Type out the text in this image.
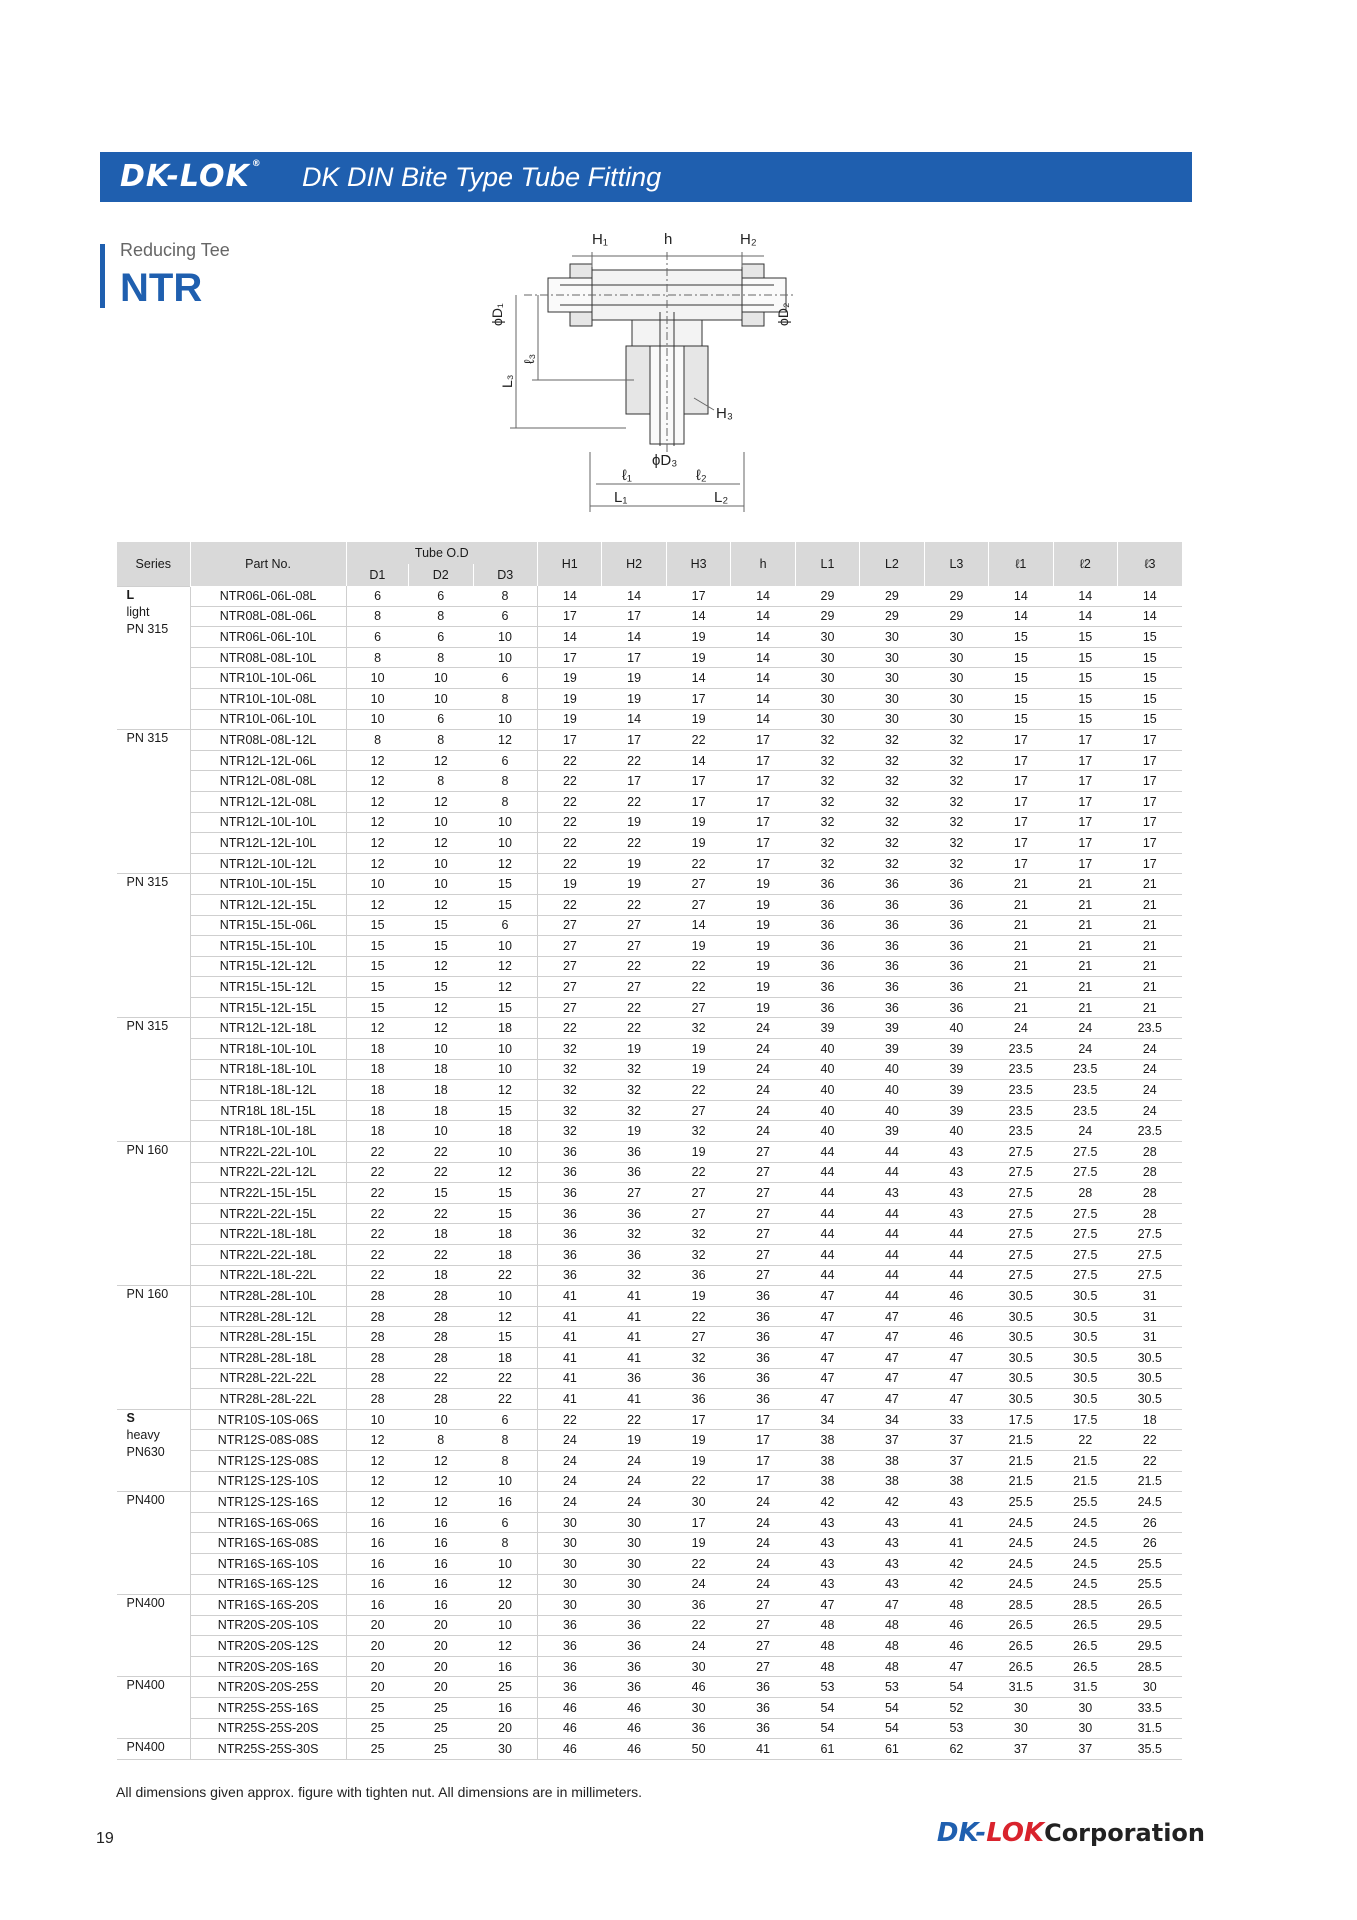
DK-LOK ® DK DIN Bite Type Tube Fitting
Reducing Tee
NTR
H₁	h	H₂
ϕD₁	ϕD₂
ℓ₃
L₃
H₃
ϕD₃
ℓ₁	ℓ₂
L₁	L₂
Series	Part No.	Tube O.D			H1	H2	H3	h	L1	L2	L3	ℓ1	ℓ2	ℓ3
		D1	D2	D3										

L
light
PN 315	NTR06L-06L-08L	6	6	8	14	14	17	14	29	29	29	14	14	14
	NTR08L-08L-06L	8	8	6	17	17	14	14	29	29	29	14	14	14
	NTR06L-06L-10L	6	6	10	14	14	19	14	30	30	30	15	15	15
	NTR08L-08L-10L	8	8	10	17	17	19	14	30	30	30	15	15	15
	NTR10L-10L-06L	10	10	6	19	19	14	14	30	30	30	15	15	15
	NTR10L-10L-08L	10	10	8	19	19	17	14	30	30	30	15	15	15
	NTR10L-06L-10L	10	6	10	19	14	19	14	30	30	30	15	15	15

PN 315	NTR08L-08L-12L	8	8	12	17	17	22	17	32	32	32	17	17	17
	NTR12L-12L-06L	12	12	6	22	22	14	17	32	32	32	17	17	17
	NTR12L-08L-08L	12	8	8	22	17	17	17	32	32	32	17	17	17
	NTR12L-12L-08L	12	12	8	22	22	17	17	32	32	32	17	17	17
	NTR12L-10L-10L	12	10	10	22	19	19	17	32	32	32	17	17	17
	NTR12L-12L-10L	12	12	10	22	22	19	17	32	32	32	17	17	17
	NTR12L-10L-12L	12	10	12	22	19	22	17	32	32	32	17	17	17

PN 315	NTR10L-10L-15L	10	10	15	19	19	27	19	36	36	36	21	21	21
	NTR12L-12L-15L	12	12	15	22	22	27	19	36	36	36	21	21	21
	NTR15L-15L-06L	15	15	6	27	27	14	19	36	36	36	21	21	21
	NTR15L-15L-10L	15	15	10	27	27	19	19	36	36	36	21	21	21
	NTR15L-12L-12L	15	12	12	27	22	22	19	36	36	36	21	21	21
	NTR15L-15L-12L	15	15	12	27	27	22	19	36	36	36	21	21	21
	NTR15L-12L-15L	15	12	15	27	22	27	19	36	36	36	21	21	21

PN 315	NTR12L-12L-18L	12	12	18	22	22	32	24	39	39	40	24	24	23.5
	NTR18L-10L-10L	18	10	10	32	19	19	24	40	39	39	23.5	24	24
	NTR18L-18L-10L	18	18	10	32	32	19	24	40	40	39	23.5	23.5	24
	NTR18L-18L-12L	18	18	12	32	32	22	24	40	40	39	23.5	23.5	24
	NTR18L 18L-15L	18	18	15	32	32	27	24	40	40	39	23.5	23.5	24
	NTR18L-10L-18L	18	10	18	32	19	32	24	40	39	40	23.5	24	23.5

PN 160	NTR22L-22L-10L	22	22	10	36	36	19	27	44	44	43	27.5	27.5	28
	NTR22L-22L-12L	22	22	12	36	36	22	27	44	44	43	27.5	27.5	28
	NTR22L-15L-15L	22	15	15	36	27	27	27	44	43	43	27.5	28	28
	NTR22L-22L-15L	22	22	15	36	36	27	27	44	44	43	27.5	27.5	28
	NTR22L-18L-18L	22	18	18	36	32	32	27	44	44	44	27.5	27.5	27.5
	NTR22L-22L-18L	22	22	18	36	36	32	27	44	44	44	27.5	27.5	27.5
	NTR22L-18L-22L	22	18	22	36	32	36	27	44	44	44	27.5	27.5	27.5

PN 160	NTR28L-28L-10L	28	28	10	41	41	19	36	47	44	46	30.5	30.5	31
	NTR28L-28L-12L	28	28	12	41	41	22	36	47	47	46	30.5	30.5	31
	NTR28L-28L-15L	28	28	15	41	41	27	36	47	47	46	30.5	30.5	31
	NTR28L-28L-18L	28	28	18	41	41	32	36	47	47	47	30.5	30.5	30.5
	NTR28L-22L-22L	28	22	22	41	36	36	36	47	47	47	30.5	30.5	30.5
	NTR28L-28L-22L	28	28	22	41	41	36	36	47	47	47	30.5	30.5	30.5

S
heavy
PN630	NTR10S-10S-06S	10	10	6	22	22	17	17	34	34	33	17.5	17.5	18
	NTR12S-08S-08S	12	8	8	24	19	19	17	38	37	37	21.5	22	22
	NTR12S-12S-08S	12	12	8	24	24	19	17	38	38	37	21.5	21.5	22
	NTR12S-12S-10S	12	12	10	24	24	22	17	38	38	38	21.5	21.5	21.5

PN400	NTR12S-12S-16S	12	12	16	24	24	30	24	42	42	43	25.5	25.5	24.5
	NTR16S-16S-06S	16	16	6	30	30	17	24	43	43	41	24.5	24.5	26
	NTR16S-16S-08S	16	16	8	30	30	19	24	43	43	41	24.5	24.5	26
	NTR16S-16S-10S	16	16	10	30	30	22	24	43	43	42	24.5	24.5	25.5
	NTR16S-16S-12S	16	16	12	30	30	24	24	43	43	42	24.5	24.5	25.5

PN400	NTR16S-16S-20S	16	16	20	30	30	36	27	47	47	48	28.5	28.5	26.5
	NTR20S-20S-10S	20	20	10	36	36	22	27	48	48	46	26.5	26.5	29.5
	NTR20S-20S-12S	20	20	12	36	36	24	27	48	48	46	26.5	26.5	29.5
	NTR20S-20S-16S	20	20	16	36	36	30	27	48	48	47	26.5	26.5	28.5

PN400	NTR20S-20S-25S	20	20	25	36	36	46	36	53	53	54	31.5	31.5	30
	NTR25S-25S-16S	25	25	16	46	46	30	36	54	54	52	30	30	33.5
	NTR25S-25S-20S	25	25	20	46	46	36	36	54	54	53	30	30	31.5

PN400	NTR25S-25S-30S	25	25	30	46	46	50	41	61	61	62	37	37	35.5
All dimensions given approx. figure with tighten nut. All dimensions are in millimeters.
19	DK-LOKCorporation
